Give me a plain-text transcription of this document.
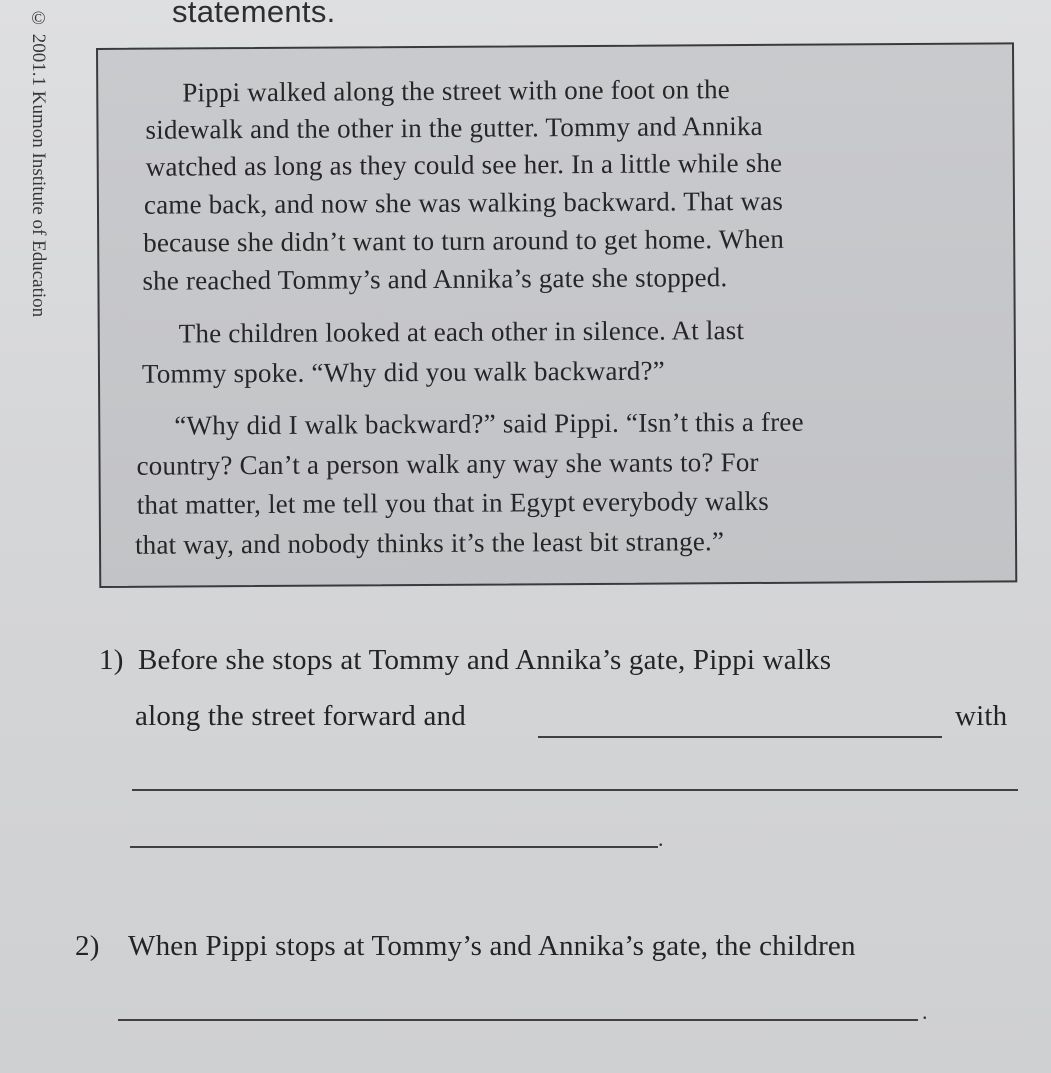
statements.
© 2001.1 Kumon Institute of Education	Pippi walked along the street with one foot on the
sidewalk and the other in the gutter. Tommy and Annika
watched as long as they could see her. In a little while she
came back, and now she was walking backward. That was
because she didn’t want to turn around to get home. When
she reached Tommy’s and Annika’s gate she stopped.
The children looked at each other in silence. At last
Tommy spoke. “Why did you walk backward?”
“Why did I walk backward?” said Pippi. “Isn’t this a free
country? Can’t a person walk any way she wants to? For
that matter, let me tell you that in Egypt everybody walks
that way, and nobody thinks it’s the least bit strange.”
1) Before she stops at Tommy and Annika’s gate, Pippi walks
along the street forward and	with
.
2) When Pippi stops at Tommy’s and Annika’s gate, the children
.
